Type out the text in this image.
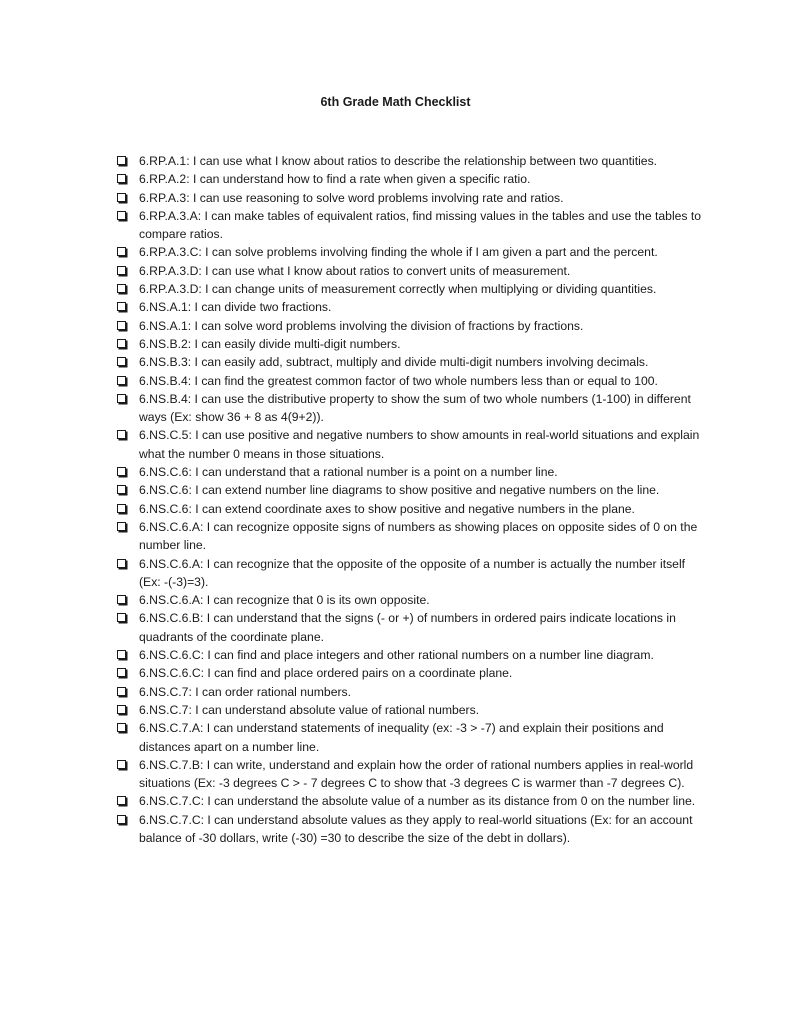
6th Grade Math Checklist
6.RP.A.1: I can use what I know about ratios to describe the relationship between two quantities.
6.RP.A.2: I can understand how to find a rate when given a specific ratio.
6.RP.A.3: I can use reasoning to solve word problems involving rate and ratios.
6.RP.A.3.A: I can make tables of equivalent ratios, find missing values in the tables and use the tables to compare ratios.
6.RP.A.3.C: I can solve problems involving finding the whole if I am given a part and the percent.
6.RP.A.3.D: I can use what I know about ratios to convert units of measurement.
6.RP.A.3.D: I can change units of measurement correctly when multiplying or dividing quantities.
6.NS.A.1: I can divide two fractions.
6.NS.A.1: I can solve word problems involving the division of fractions by fractions.
6.NS.B.2: I can easily divide multi-digit numbers.
6.NS.B.3: I can easily add, subtract, multiply and divide multi-digit numbers involving decimals.
6.NS.B.4: I can find the greatest common factor of two whole numbers less than or equal to 100.
6.NS.B.4: I can use the distributive property to show the sum of two whole numbers (1-100) in different ways (Ex: show 36 + 8 as 4(9+2)).
6.NS.C.5: I can use positive and negative numbers to show amounts in real-world situations and explain what the number 0 means in those situations.
6.NS.C.6: I can understand that a rational number is a point on a number line.
6.NS.C.6: I can extend number line diagrams to show positive and negative numbers on the line.
6.NS.C.6: I can extend coordinate axes to show positive and negative numbers in the plane.
6.NS.C.6.A: I can recognize opposite signs of numbers as showing places on opposite sides of 0 on the number line.
6.NS.C.6.A: I can recognize that the opposite of the opposite of a number is actually the number itself (Ex: -(-3)=3).
6.NS.C.6.A: I can recognize that 0 is its own opposite.
6.NS.C.6.B: I can understand that the signs (- or +) of numbers in ordered pairs indicate locations in quadrants of the coordinate plane.
6.NS.C.6.C: I can find and place integers and other rational numbers on a number line diagram.
6.NS.C.6.C: I can find and place ordered pairs on a coordinate plane.
6.NS.C.7: I can order rational numbers.
6.NS.C.7: I can understand absolute value of rational numbers.
6.NS.C.7.A: I can understand statements of inequality (ex: -3 > -7) and explain their positions and distances apart on a number line.
6.NS.C.7.B: I can write, understand and explain how the order of rational numbers applies in real-world situations (Ex: -3 degrees C > - 7 degrees C to show that -3 degrees C is warmer than -7 degrees C).
6.NS.C.7.C: I can understand the absolute value of a number as its distance from 0 on the number line.
6.NS.C.7.C: I can understand absolute values as they apply to real-world situations (Ex: for an account balance of -30 dollars, write (-30) =30 to describe the size of the debt in dollars).
